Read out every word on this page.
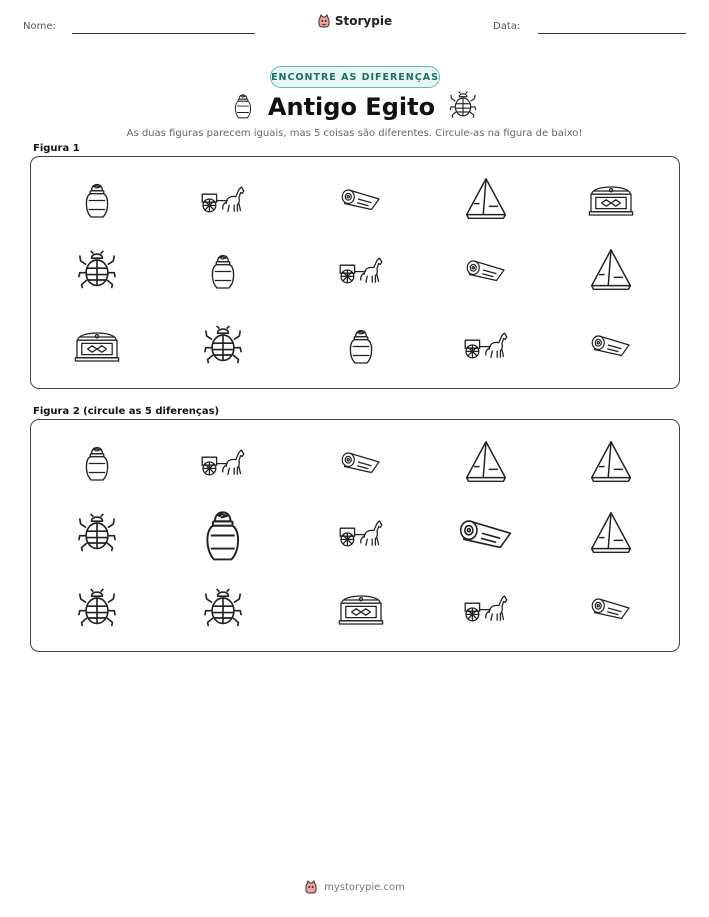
Nome:	Storypie	Data:
ENCONTRE AS DIFERENÇAS
Antigo Egito
As duas figuras parecem iguais, mas 5 coisas são diferentes. Circule-as na figura de baixo!
Figura 1
Figura 2 (circule as 5 diferenças)
mystorypie.com
